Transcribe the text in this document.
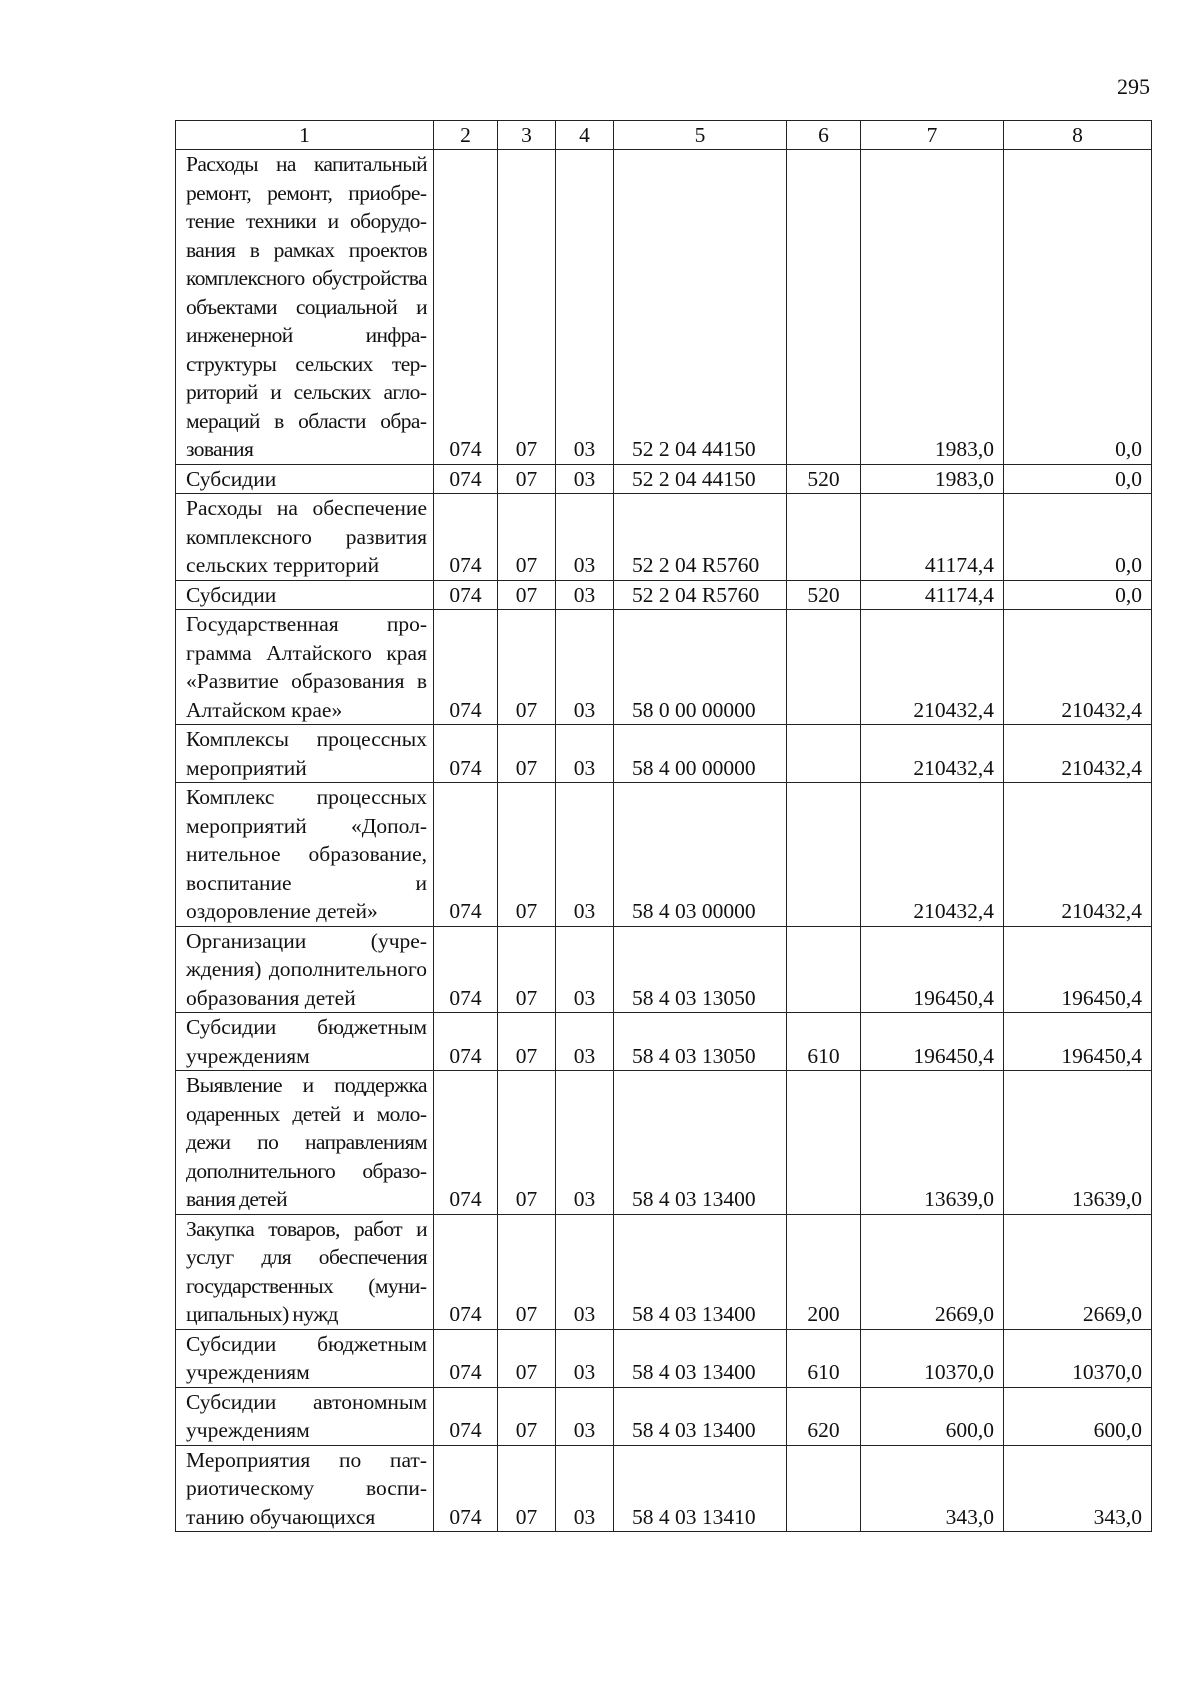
295
1	2	3	4	5	6	7	8
Расходы на капитальный ремонт, ремонт, приобретение техники и оборудования в рамках проектов комплексного обустройства объектами социальной и инженерной инфраструктуры сельских территорий и сельских агломераций в области образования	074	07	03	52 2 04 44150		1983,0	0,0
Субсидии	074	07	03	52 2 04 44150	520	1983,0	0,0
Расходы на обеспечение комплексного развития сельских территорий	074	07	03	52 2 04 R5760		41174,4	0,0
Субсидии	074	07	03	52 2 04 R5760	520	41174,4	0,0
Государственная программа Алтайского края «Развитие образования в Алтайском крае»	074	07	03	58 0 00 00000		210432,4	210432,4
Комплексы процессных мероприятий	074	07	03	58 4 00 00000		210432,4	210432,4
Комплекс процессных мероприятий «Дополнительное образование, воспитание и оздоровление детей»	074	07	03	58 4 03 00000		210432,4	210432,4
Организации (учреждения) дополнительного образования детей	074	07	03	58 4 03 13050		196450,4	196450,4
Субсидии бюджетным учреждениям	074	07	03	58 4 03 13050	610	196450,4	196450,4
Выявление и поддержка одаренных детей и молодежи по направлениям дополнительного образования детей	074	07	03	58 4 03 13400		13639,0	13639,0
Закупка товаров, работ и услуг для обеспечения государственных (муниципальных) нужд	074	07	03	58 4 03 13400	200	2669,0	2669,0
Субсидии бюджетным учреждениям	074	07	03	58 4 03 13400	610	10370,0	10370,0
Субсидии автономным учреждениям	074	07	03	58 4 03 13400	620	600,0	600,0
Мероприятия по патриотическому воспитанию обучающихся	074	07	03	58 4 03 13410		343,0	343,0
